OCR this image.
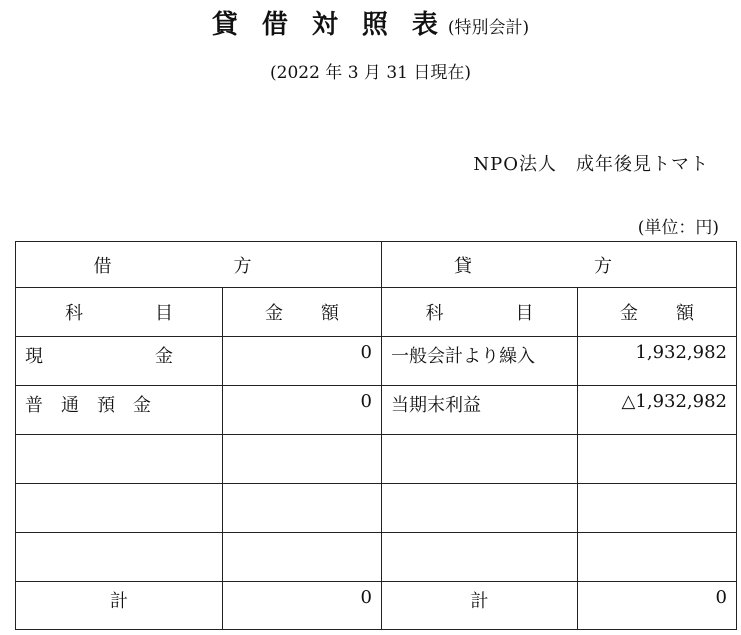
貸借対照表(特別会計)
(2022 年 3 月 31 日現在)
NPO法人　成年後見トマト
(単位：円)
借　方		貸　方	
科目	金額	科目	金額
現金	0	一般会計より繰入	1,932,982
普通預金	0	当期末利益	△1,932,982

計	0	計	0
